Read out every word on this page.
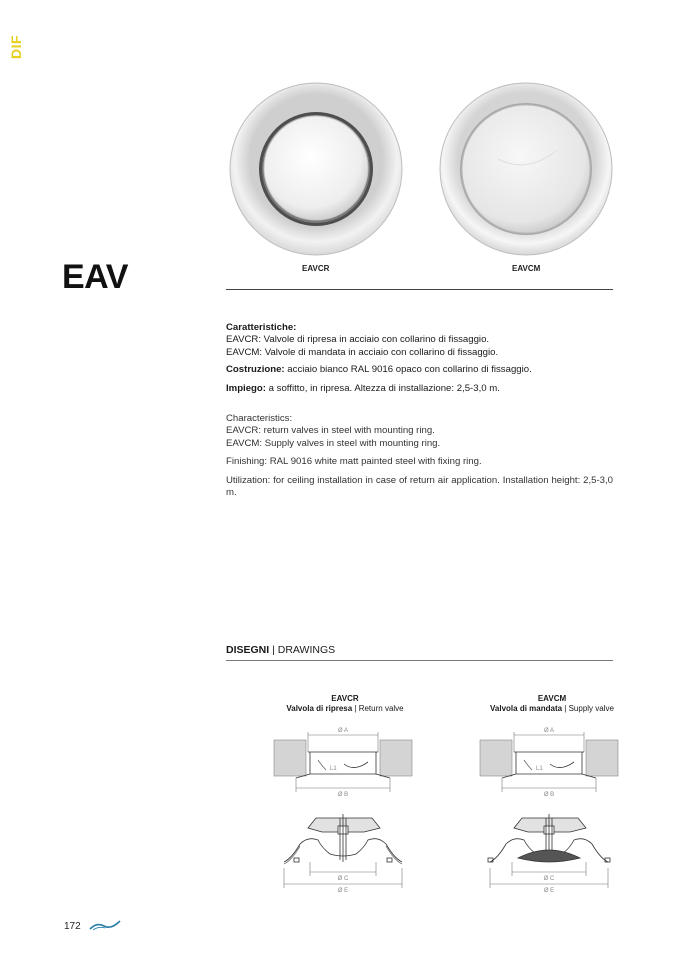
DIF
EAV	EAVCR	EAVCM
Caratteristiche:
EAVCR: Valvole di ripresa in acciaio con collarino di fissaggio.
EAVCM: Valvole di mandata in acciaio con collarino di fissaggio.
Costruzione: acciaio bianco RAL 9016 opaco con collarino di fissaggio.
Impiego: a soffitto, in ripresa. Altezza di installazione: 2,5-3,0 m.
Characteristics:
EAVCR: return valves in steel with mounting ring.
EAVCM: Supply valves in steel with mounting ring.
Finishing: RAL 9016 white matt painted steel with fixing ring.
Utilization: for ceiling installation in case of return air application. Installation height: 2,5-3,0 m.
DISEGNI | DRAWINGS
EAVCR
Valvola di ripresa | Return valve
EAVCM
Valvola di mandata | Supply valve
Ø A
L1
Ø B
Ø C
Ø E
Ø A
L1
Ø B
Ø C
Ø E
172
